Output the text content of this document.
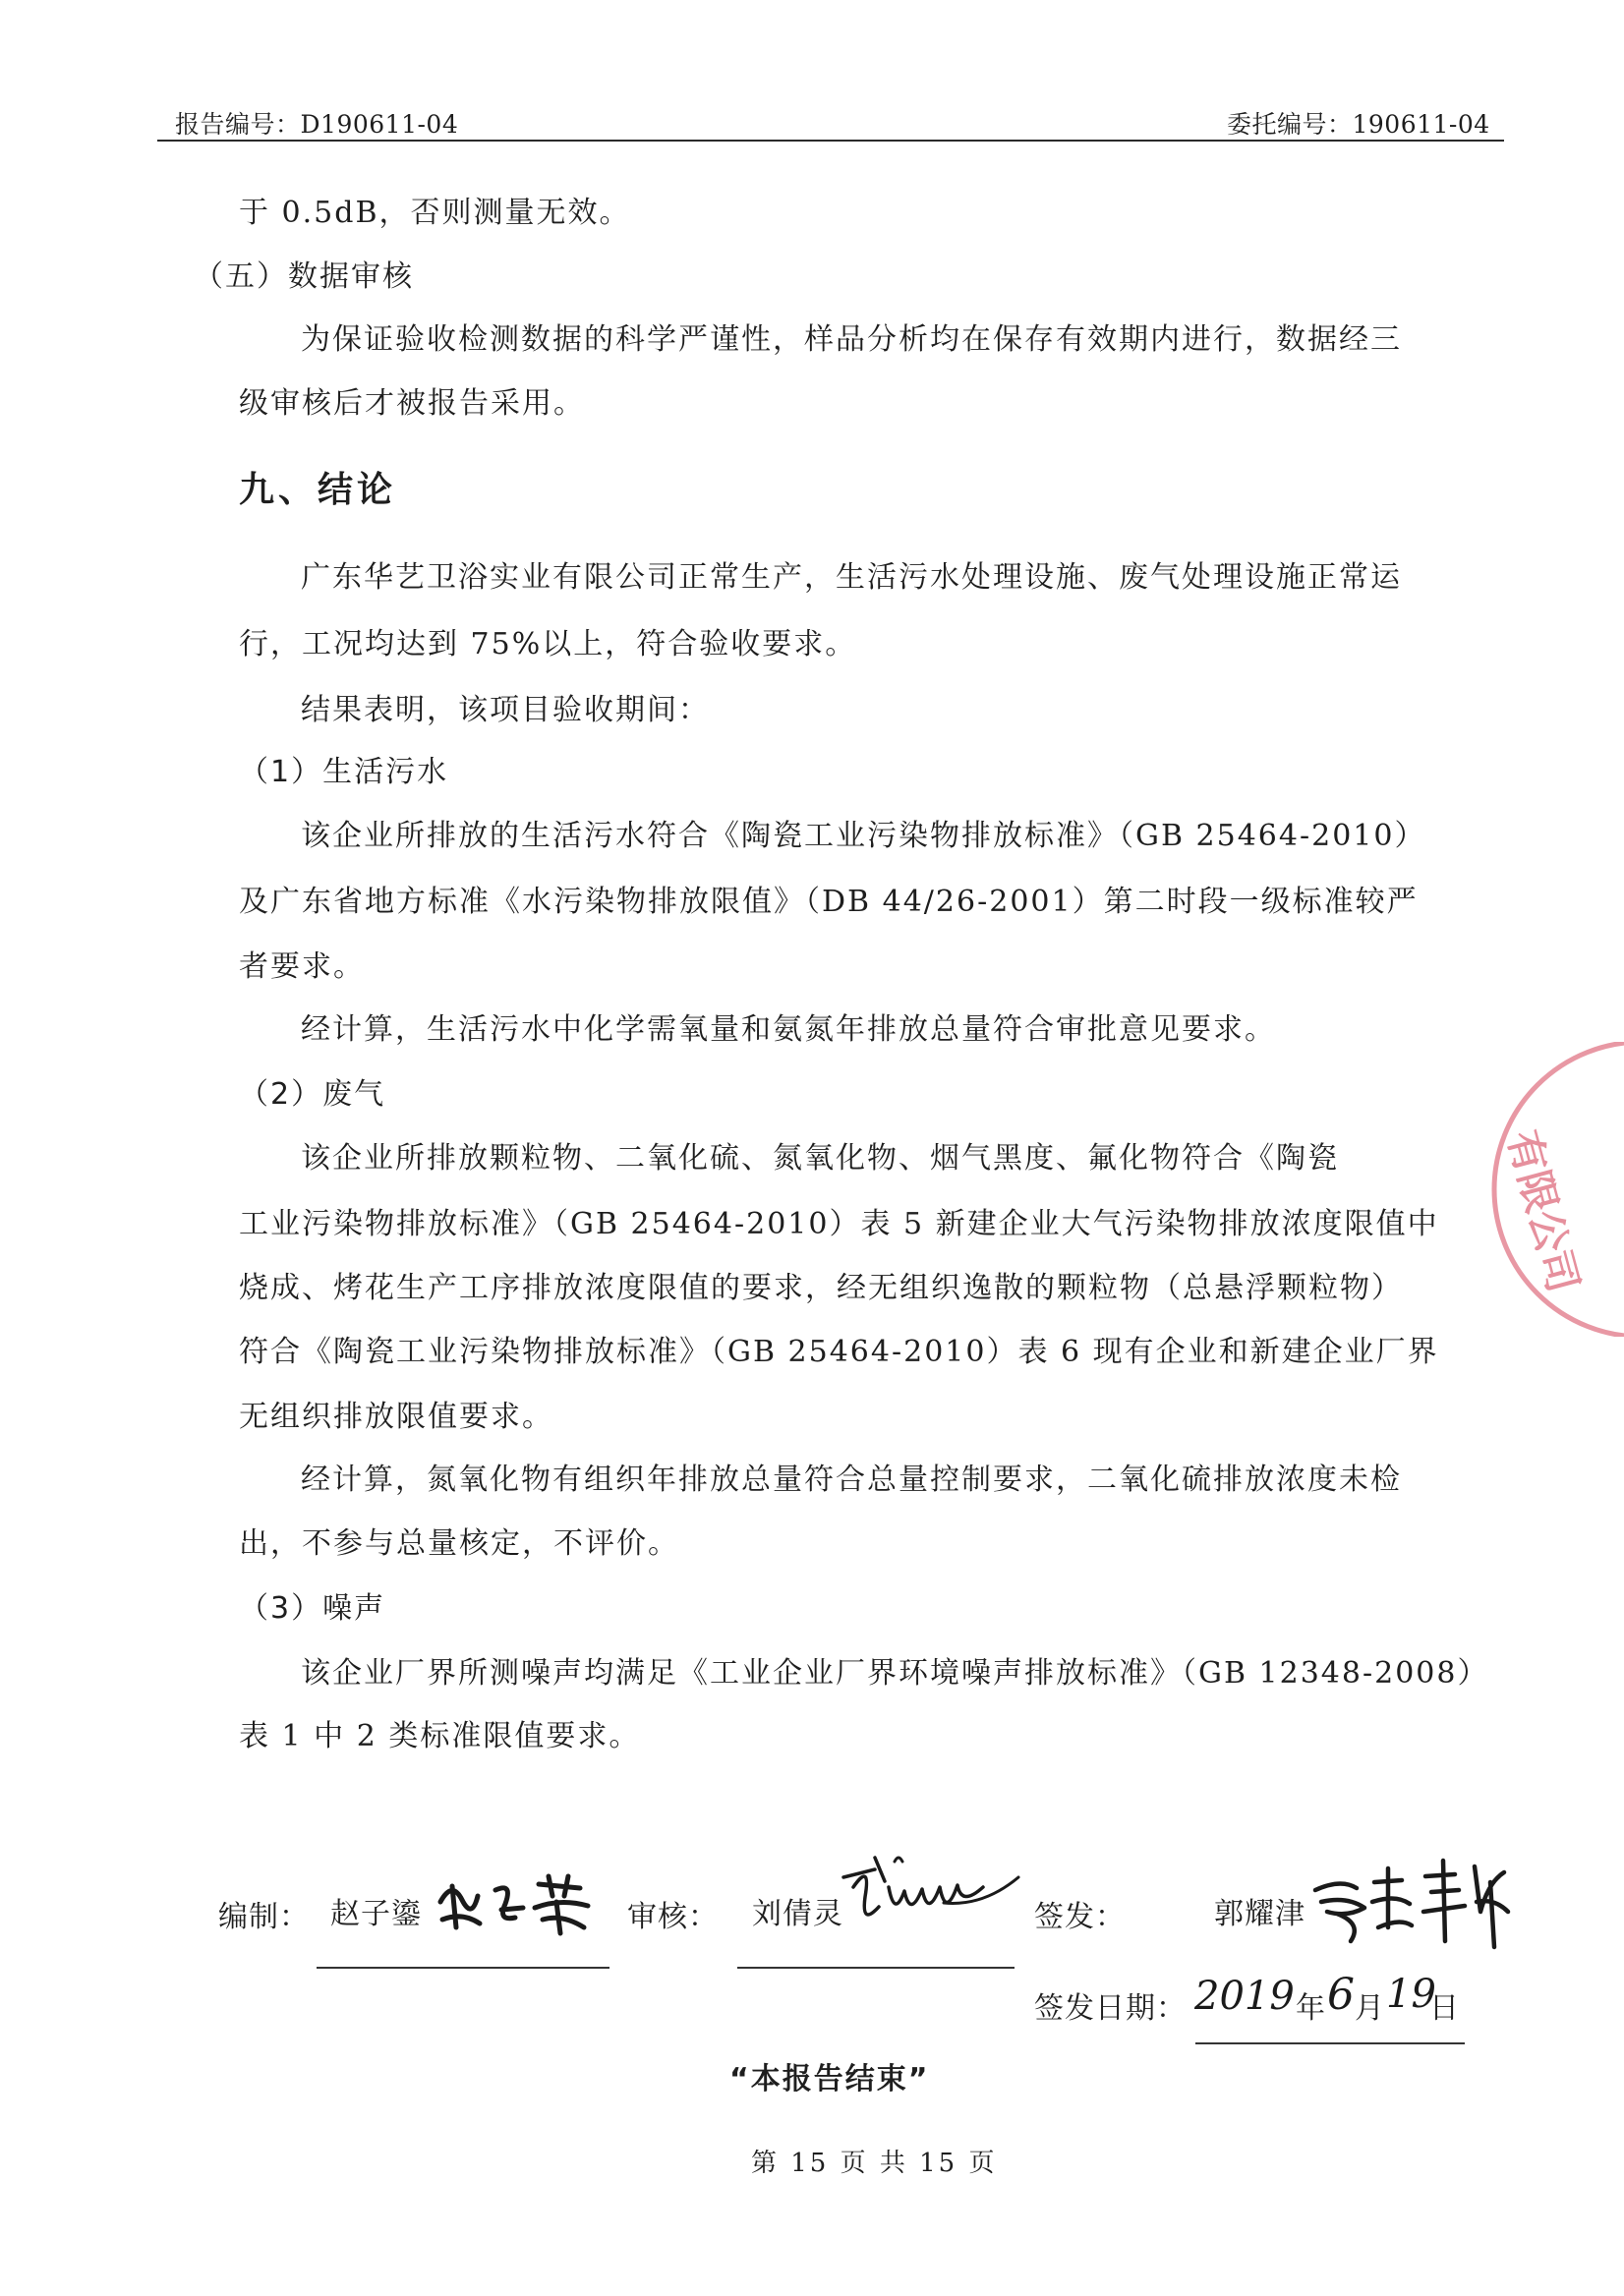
报告编号：D190611-04	委托编号：190611-04
于 0.5dB，否则测量无效。
（五）数据审核
为保证验收检测数据的科学严谨性，样品分析均在保存有效期内进行，数据经三
级审核后才被报告采用。
九、结论
广东华艺卫浴实业有限公司正常生产，生活污水处理设施、废气处理设施正常运
行，工况均达到 75%以上，符合验收要求。
结果表明，该项目验收期间：
（1）生活污水
该企业所排放的生活污水符合《陶瓷工业污染物排放标准》（GB 25464-2010）
及广东省地方标准《水污染物排放限值》（DB 44/26-2001）第二时段一级标准较严
者要求。
经计算，生活污水中化学需氧量和氨氮年排放总量符合审批意见要求。
（2）废气
该企业所排放颗粒物、二氧化硫、氮氧化物、烟气黑度、氟化物符合《陶瓷
工业污染物排放标准》（GB 25464-2010）表 5 新建企业大气污染物排放浓度限值中
烧成、烤花生产工序排放浓度限值的要求，经无组织逸散的颗粒物（总悬浮颗粒物）
符合《陶瓷工业污染物排放标准》（GB 25464-2010）表 6 现有企业和新建企业厂界
无组织排放限值要求。
经计算，氮氧化物有组织年排放总量符合总量控制要求，二氧化硫排放浓度未检
出，不参与总量核定，不评价。
（3）噪声
该企业厂界所测噪声均满足《工业企业厂界环境噪声排放标准》（GB 12348-2008）
表 1 中 2 类标准限值要求。
有限公司
编制： 赵子鎏	审核： 刘倩灵	签发：	郭耀津
签发日期： 2019 年 6 月 19
日
“本报告结束”
第 15 页 共 15 页
